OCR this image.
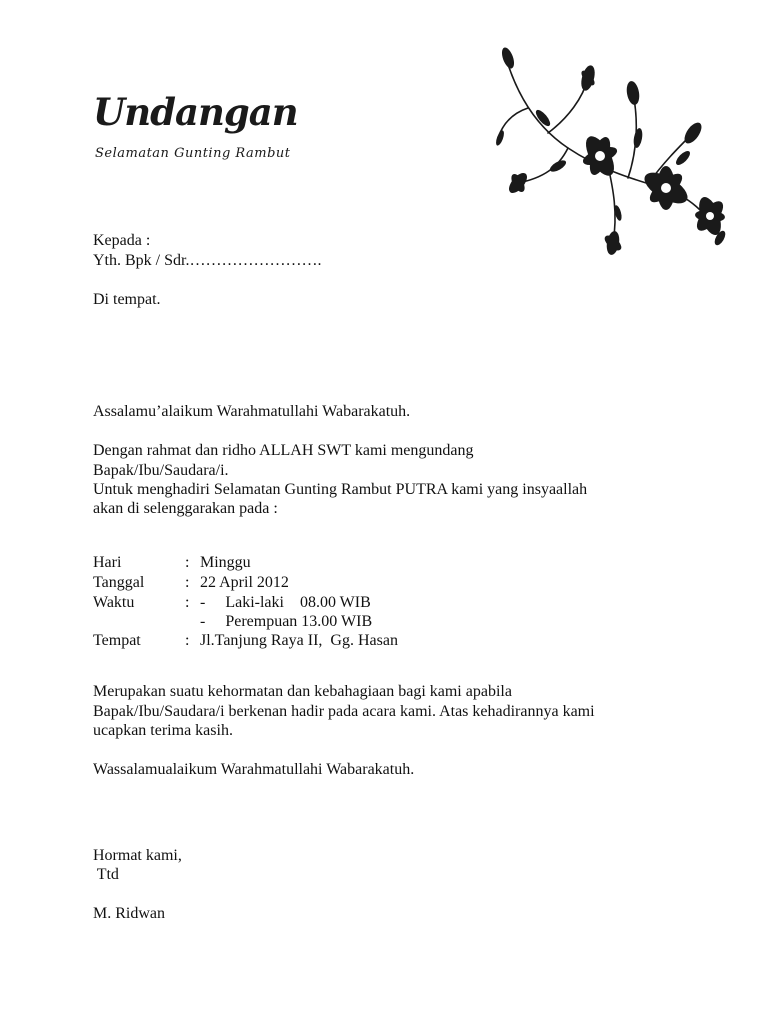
Undangan
Selamatan Gunting Rambut
Kepada :
Yth. Bpk / Sdr.…………………….
Di tempat.
Assalamu’alaikum Warahmatullahi Wabarakatuh.
Dengan rahmat dan ridho ALLAH SWT kami mengundang
Bapak/Ibu/Saudara/i.
Untuk menghadiri Selamatan Gunting Rambut PUTRA kami yang insyaallah
akan di selenggarakan pada :
Hari	: Minggu
Tanggal	: 22 April 2012
Waktu	: -     Laki-laki    08.00 WIB
-     Perempuan 13.00 WIB
Tempat	: Jl.Tanjung Raya II,  Gg. Hasan
Merupakan suatu kehormatan dan kebahagiaan bagi kami apabila
Bapak/Ibu/Saudara/i berkenan hadir pada acara kami. Atas kehadirannya kami
ucapkan terima kasih.
Wassalamualaikum Warahmatullahi Wabarakatuh.
Hormat kami,
Ttd
M. Ridwan
